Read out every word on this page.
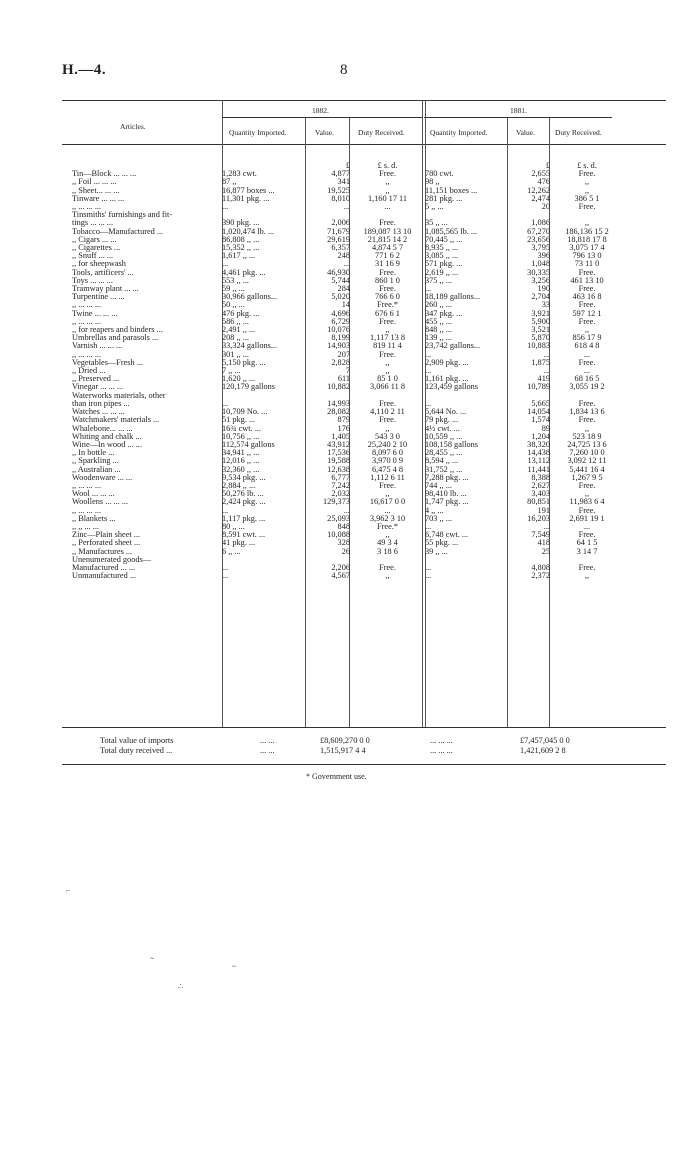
H.—4.	8
Articles.
1882.	1881.
Quantity Imported.	Value.	Duty Received.	Quantity Imported.	Value.	Duty Received.
		£	£ s. d.		£	£ s. d.
Tin—Block ... ... ...	1,283 cwt.	4,877	Free.	780 cwt.	2,655	Free.
,, Foil ... ... ...	87 ,,	341	,,	98 ,,	476	,,
,, Sheet... ... ...	16,877 boxes ...	19,525	,,	11,151 boxes ...	12,262	,,
Tinware ... ... ...	11,301 pkg. ...	8,010	1,160 17 11	281 pkg. ...	2,474	386 5 1
,, ... ... ...	...	...	...	5 ,, ...	20	Free.
Tinsmiths' furnishings and fit-						
tings ... ... ...	390 pkg. ...	2,006	Free.	35 ,, ...	1,086	,,
Tobacco—Manufactured ...	1,020,474 lb. ...	71,679	189,087 13 10	1,085,565 lb. ...	67,270	186,136 15 2
,, Cigars ... ...	86,808 ,, ...	29,619	21,815 14 2	70,445 ,, ...	23,656	18,818 17 8
,, Cigarettes ...	15,352 ,, ...	6,357	4,874 5 7	8,935 ,, ...	3,795	3,075 17 4
,, Snuff ... ...	1,617 ,, ...	248	771 6 2	3,085 ,, ...	396	796 13 0
,, for sheepwash	...	...	31 16 9	571 pkg. ...	1,048	73 11 0
Tools, artificers' ...	4,461 pkg. ...	46,930	Free.	2,619 ,, ...	30,335	Free.
Toys ... ... ...	553 ,, ...	5,744	860 1 0	375 ,, ...	3,256	461 13 10
Tramway plant ... ...	59 ,, ...	284	Free.	...	190	Free.
Turpentine ... ...	30,966 gallons...	5,020	766 6 0	18,189 gallons...	2,704	463 16 8
,, ... ... ...	50 ,, ...	14	Free.*	260 ,, ...	33	Free.
Twine ... ... ...	476 pkg. ...	4,696	676 6 1	347 pkg. ...	3,921	597 12 1
,, ... ... ...	586 ,, ...	6,729	Free.	455 ,, ...	5,900	Free.
,, for reapers and binders ...	2,491 ,, ...	10,076	,,	848 ,, ...	3,521	,,
Umbrellas and parasols ...	208 ,, ...	8,199	1,117 13 8	139 ,, ...	5,870	856 17 9
Varnish ... ... ...	33,324 gallons...	14,903	819 11 4	23,742 gallons...	10,883	618 4 8
,, ... ... ...	301 ,, ...	207	Free.	...	...	...
Vegetables—Fresh ...	5,150 pkg. ...	2,828	,,	2,909 pkg. ...	1,875	Free.
,, Dried ...	7 ,, ...	7	,,	...	...	...
,, Preserved ...	1,620 ,, ...	611	85 1 0	1,161 pkg. ...	419	68 16 5
Vinegar ... ... ...	120,179 gallons	10,882	3,066 11 8	123,459 gallons	10,789	3,055 19 2
Waterworks materials, other						
than iron pipes ...	...	14,993	Free.	...	5,665	Free.
Watches ... ... ...	10,709 No. ...	28,082	4,110 2 11	5,644 No. ...	14,054	1,834 13 6
Watchmakers' materials ...	51 pkg. ...	879	Free.	79 pkg. ...	1,574	Free.
Whalebone... ... ...	16¾ cwt. ...	176	,,	4½ cwt. ...	89	,,
Whiting and chalk ...	10,756 ,, ...	1,405	543 3 0	10,559 ,, ...	1,204	523 18 9
Wine—In wood ... ...	112,574 gallons	43,912	25,240 2 10	108,158 gallons	38,320	24,725 13 6
,, In bottle ...	34,941 ,, ...	17,536	8,097 6 0	28,455 ,, ...	14,438	7,260 10 0
,, Sparkling ...	12,016 ,, ...	19,588	3,970 0 9	8,594 ,, ...	13,112	3,092 12 11
,, Australian ...	32,360 ,, ...	12,638	6,475 4 8	31,752 ,, ...	11,441	5,441 16 4
Woodenware ... ...	9,534 pkg. ...	6,777	1,112 6 11	7,288 pkg. ...	8,388	1,267 9 5
,, ... ... ...	2,884 ,, ...	7,242	Free.	744 ,, ...	2,627	Free.
Wool ... ... ...	50,276 lb. ...	2,032	,,	98,410 lb. ...	3,403	,,
Woollens ... ... ...	2,424 pkg. ...	129,373	16,617 0 0	1,747 pkg. ...	80,851	11,983 6 4
,, ... ... ...	...	...	...	4 ,, ...	191	Free.
,, Blankets ...	1,117 pkg. ...	25,093	3,962 3 10	703 ,, ...	16,203	2,691 19 1
,, ,, ... ...	80 ,, ...	848	Free.*	...	...	...
Zinc—Plain sheet ...	8,591 cwt. ...	10,088	,,	6,748 cwt. ...	7,549	Free.
,, Perforated sheet ...	41 pkg. ...	328	49 3 4	55 pkg. ...	418	64 1 5
,, Manufactures ...	6 ,, ...	26	3 18 6	39 ,, ...	25	3 14 7
Unenumerated goods—						
Manufactured ... ...	...	2,206	Free.	...	4,808	Free.
Unmanufactured ...	...	4,567	,,	...	2,372	,,
Total value of imports	... ...	£8,609,270 0 0	... ... ...	£7,457,045 0 0
Total duty received ...	... ...	1,515,917 4 4	... ... ...	1,421,609 2 8
* Government use.
⌐
~
~
∴
